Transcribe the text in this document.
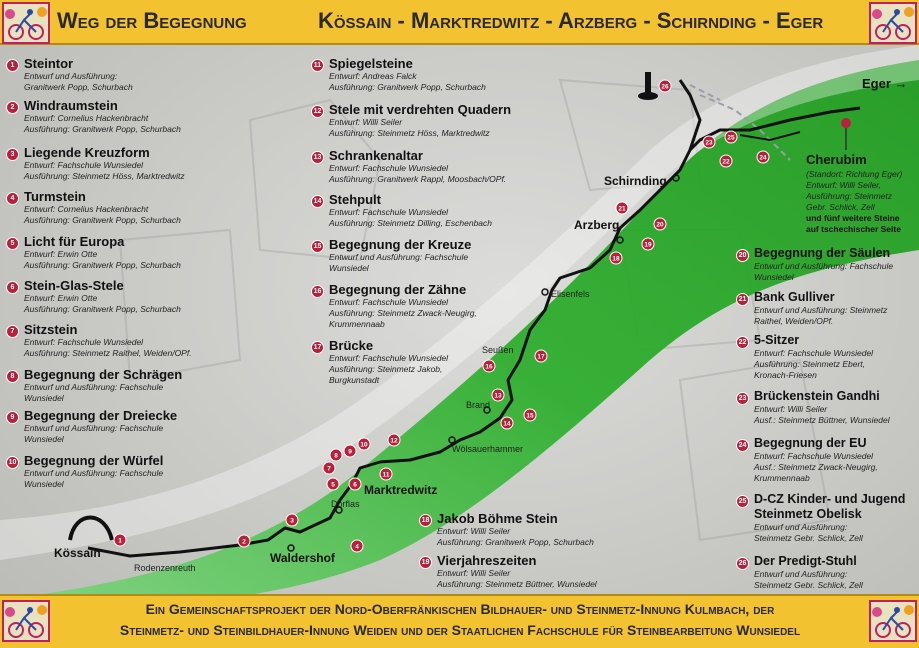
1	2
3
4
5	6
7
8
9
10
11
12
13
14
15
16
17
18
19
20
21
22
23
24
25
26
Weg der Begegnung	Kössain - Marktredwitz - Arzberg - Schirnding - Eger
Ein Gemeinschaftsprojekt der Nord-Oberfränkischen Bildhauer- und Steinmetz-Innung Kulmbach, der
Steinmetz- und Steinbildhauer-Innung Weiden und der Staatlichen Fachschule für Steinbearbeitung Wunsiedel
1 Steintor
Entwurf und Ausführung:
Granitwerk Popp, Schurbach
2 Windraumstein
Entwurf: Cornelius Hackenbracht
Ausführung: Granitwerk Popp, Schurbach
3 Liegende Kreuzform
Entwurf: Fachschule Wunsiedel
Ausführung: Steinmetz Höss, Marktredwitz
4 Turmstein
Entwurf: Cornelius Hackenbracht
Ausführung: Granitwerk Popp, Schurbach
5 Licht für Europa
Entwurf: Erwin Otte
Ausführung: Granitwerk Popp, Schurbach
6 Stein-Glas-Stele
Entwurf: Erwin Otte
Ausführung: Granitwerk Popp, Schurbach
7 Sitzstein
Entwurf: Fachschule Wunsiedel
Ausführung: Steinmetz Raithel, Weiden/OPf.
8 Begegnung der Schrägen
Entwurf und Ausführung: Fachschule
Wunsiedel
9 Begegnung der Dreiecke
Entwurf und Ausführung: Fachschule
Wunsiedel
10 Begegnung der Würfel
Entwurf und Ausführung: Fachschule
Wunsiedel
11 Spiegelsteine
Entwurf: Andreas Falck
Ausführung: Granitwerk Popp, Schurbach
12 Stele mit verdrehten Quadern
Entwurf: Willi Seiler
Ausführung: Steinmetz Höss, Marktredwitz
13 Schrankenaltar
Entwurf: Fachschule Wunsiedel
Ausführung: Granitwerk Rappl, Moosbach/OPf.
14 Stehpult
Entwurf: Fachschule Wunsiedel
Ausführung: Steinmetz Dilling, Eschenbach
15 Begegnung der Kreuze
Entwurf und Ausführung: Fachschule
Wunsiedel
16 Begegnung der Zähne
Entwurf: Fachschule Wunsiedel
Ausführung: Steinmetz Zwack-Neugirg,
Krummennaab
17 Brücke
Entwurf: Fachschule Wunsiedel
Ausführung: Steinmetz Jakob,
Burgkunstadt
18 Jakob Böhme Stein
Entwurf: Willi Seiler
Ausführung: Granitwerk Popp, Schurbach
19 Vierjahreszeiten
Entwurf: Willi Seiler
Ausführung: Steinmetz Büttner, Wunsiedel
20 Begegnung der Säulen
Entwurf und Ausführung: Fachschule
Wunsiedel
21 Bank Gulliver
Entwurf und Ausführung: Steinmetz
Raithel, Weiden/OPf.
22 5-Sitzer
Entwurf: Fachschule Wunsiedel
Ausführung: Steinmetz Ebert,
Kronach-Friesen
23 Brückenstein Gandhi
Entwurf: Willi Seiler
Ausf.: Steinmetz Büttner, Wunsiedel
24 Begegnung der EU
Entwurf: Fachschule Wunsiedel
Ausf.: Steinmetz Zwack-Neugirg,
Krummennaab
25 D-CZ Kinder- und Jugend
Steinmetz Obelisk
Entwurf und Ausführung:
Steinmetz Gebr. Schlick, Zell
26 Der Predigt-Stuhl
Entwurf und Ausführung:
Steinmetz Gebr. Schlick, Zell
Cherubim
(Standort: Richtung Eger)
Entwurf: Willi Seiler,
Ausführung: Steinmetz
Gebr. Schlick, Zell
und fünf weitere Steine
auf tschechischer Seite
Kössain
Rodenzenreuth
Waldershof
Dörflas
Marktredwitz
Wölsauerhammer
Brand
Seußen
Elisenfels
Arzberg
Schirnding
Eger →
